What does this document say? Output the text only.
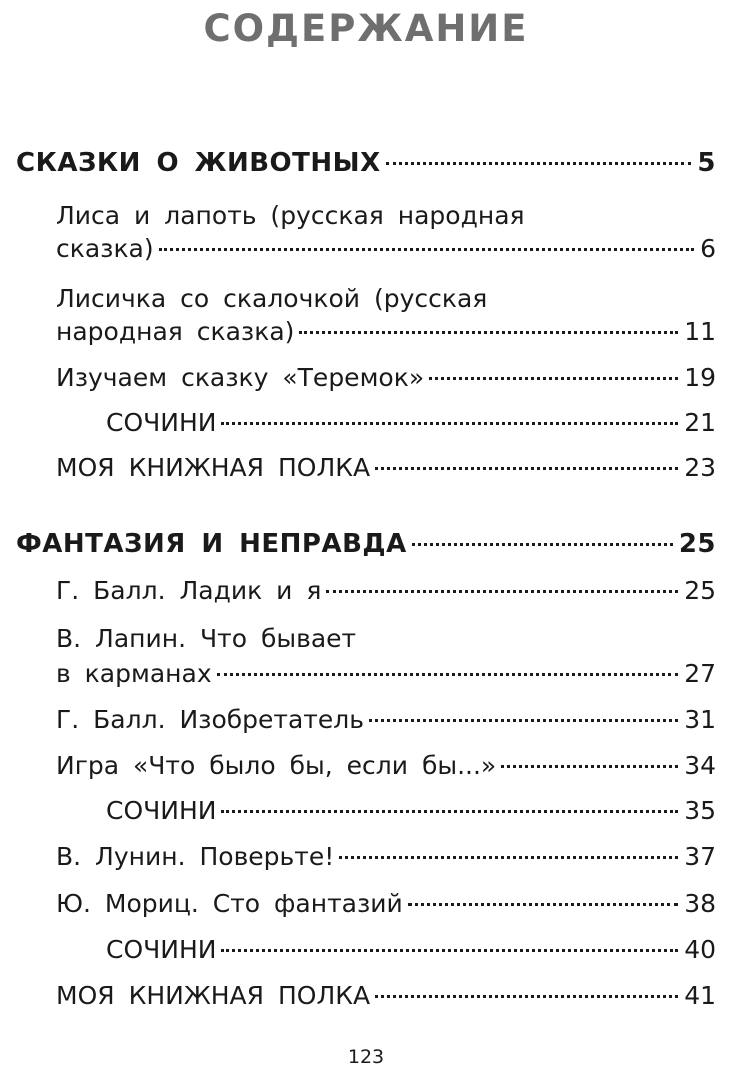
СОДЕРЖАНИЕ
СКАЗКИ О ЖИВОТНЫХ	5
Лиса и лапоть (русская народная
сказка)	6
Лисичка со скалочкой (русская
народная сказка)	11
Изучаем сказку «Теремок»	19
СОЧИНИ	21
МОЯ КНИЖНАЯ ПОЛКА	23
ФАНТАЗИЯ И НЕПРАВДА	25
Г. Балл. Ладик и я	25
В. Лапин. Что бывает
в карманах	27
Г. Балл. Изобретатель	31
Игра «Что было бы, если бы...»	34
СОЧИНИ	35
В. Лунин. Поверьте!	37
Ю. Мориц. Сто фантазий	38
СОЧИНИ	40
МОЯ КНИЖНАЯ ПОЛКА	41
123
